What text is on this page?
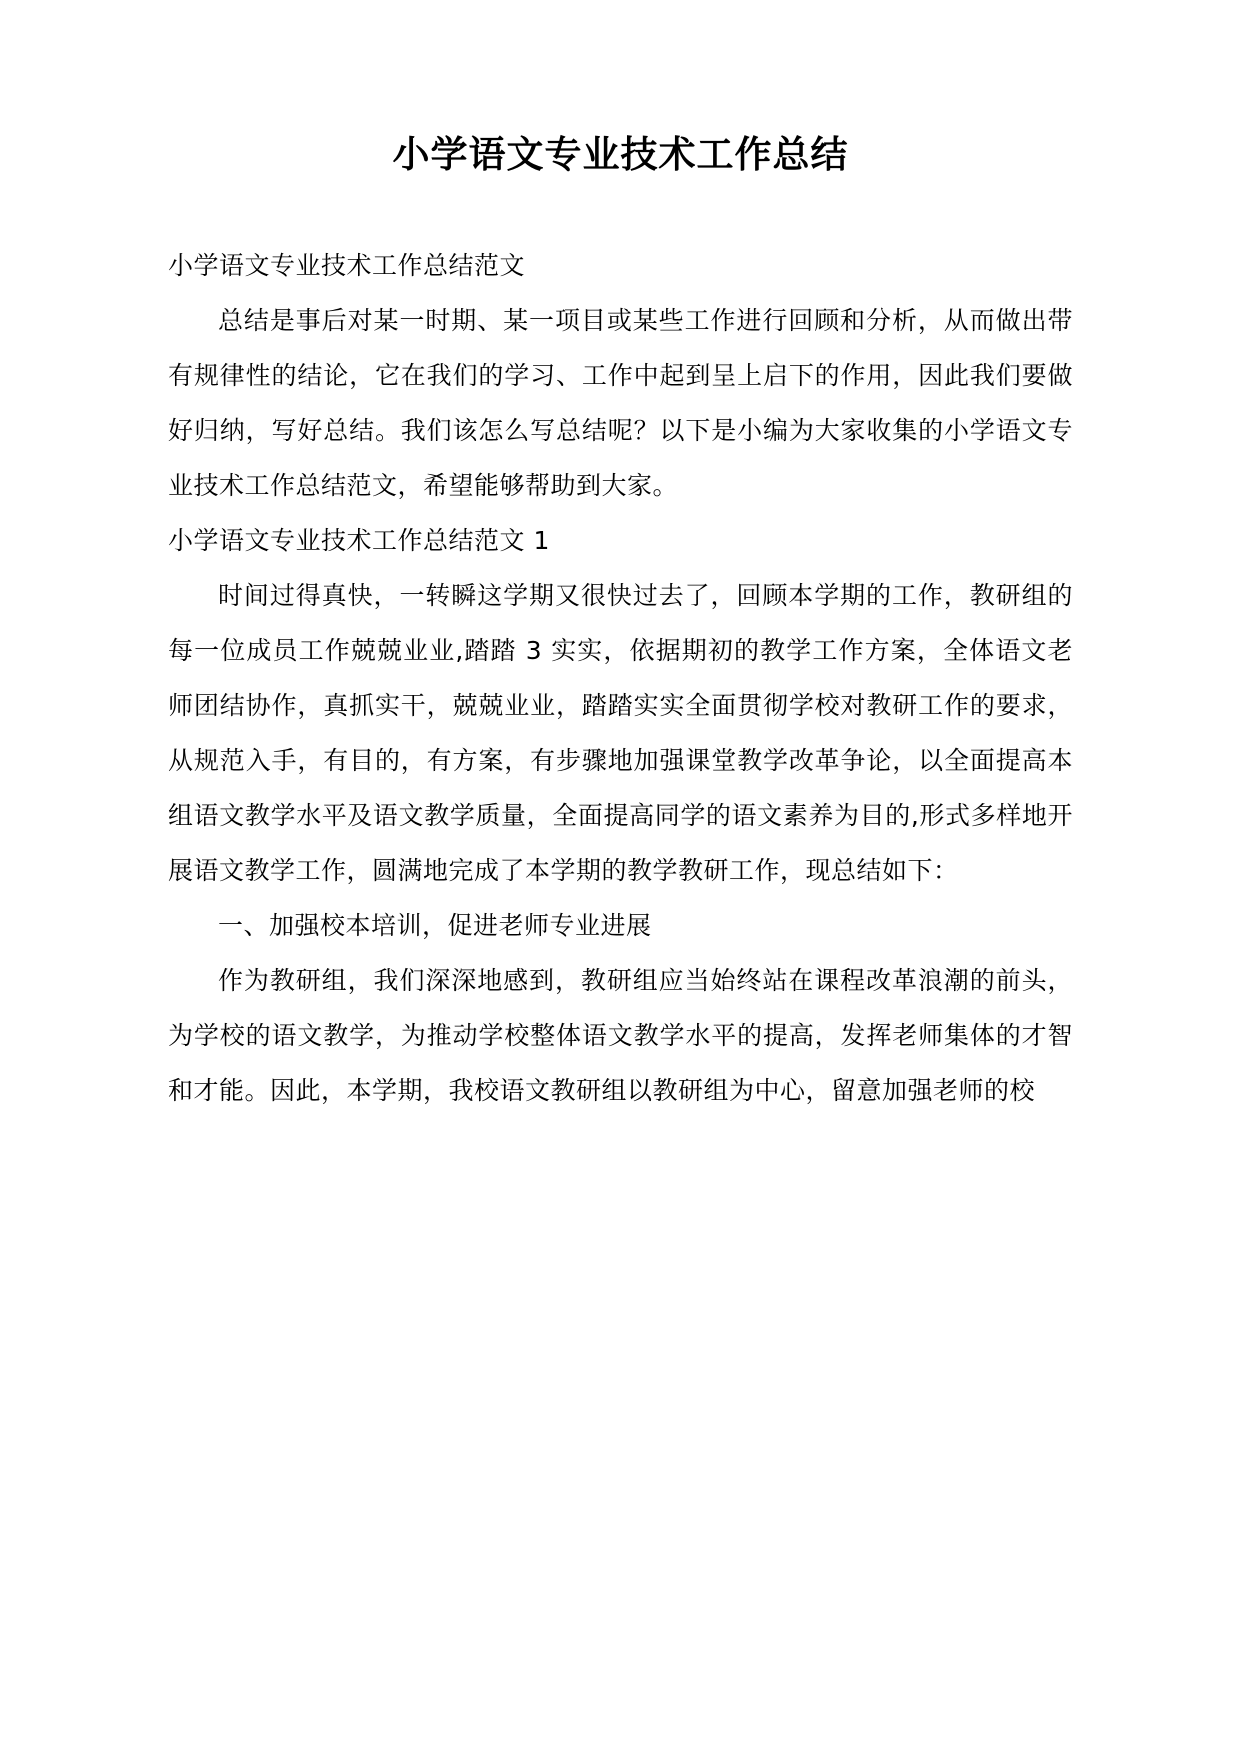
小学语文专业技术工作总结

小学语文专业技术工作总结范文

总结是事后对某一时期、某一项目或某些工作进行回顾和分析，从而做出带有规律性的结论，它在我们的学习、工作中起到呈上启下的作用，因此我们要做好归纳，写好总结。我们该怎么写总结呢？以下是小编为大家收集的小学语文专业技术工作总结范文，希望能够帮助到大家。

小学语文专业技术工作总结范文 1

时间过得真快，一转瞬这学期又很快过去了，回顾本学期的工作，教研组的每一位成员工作兢兢业业,踏踏 3 实实，依据期初的教学工作方案，全体语文老师团结协作，真抓实干，兢兢业业，踏踏实实全面贯彻学校对教研工作的要求，从规范入手，有目的，有方案，有步骤地加强课堂教学改革争论，以全面提高本组语文教学水平及语文教学质量，全面提高同学的语文素养为目的,形式多样地开展语文教学工作，圆满地完成了本学期的教学教研工作，现总结如下：

一、加强校本培训，促进老师专业进展

作为教研组，我们深深地感到，教研组应当始终站在课程改革浪潮的前头，为学校的语文教学，为推动学校整体语文教学水平的提高，发挥老师集体的才智和才能。因此，本学期，我校语文教研组以教研组为中心，留意加强老师的校
